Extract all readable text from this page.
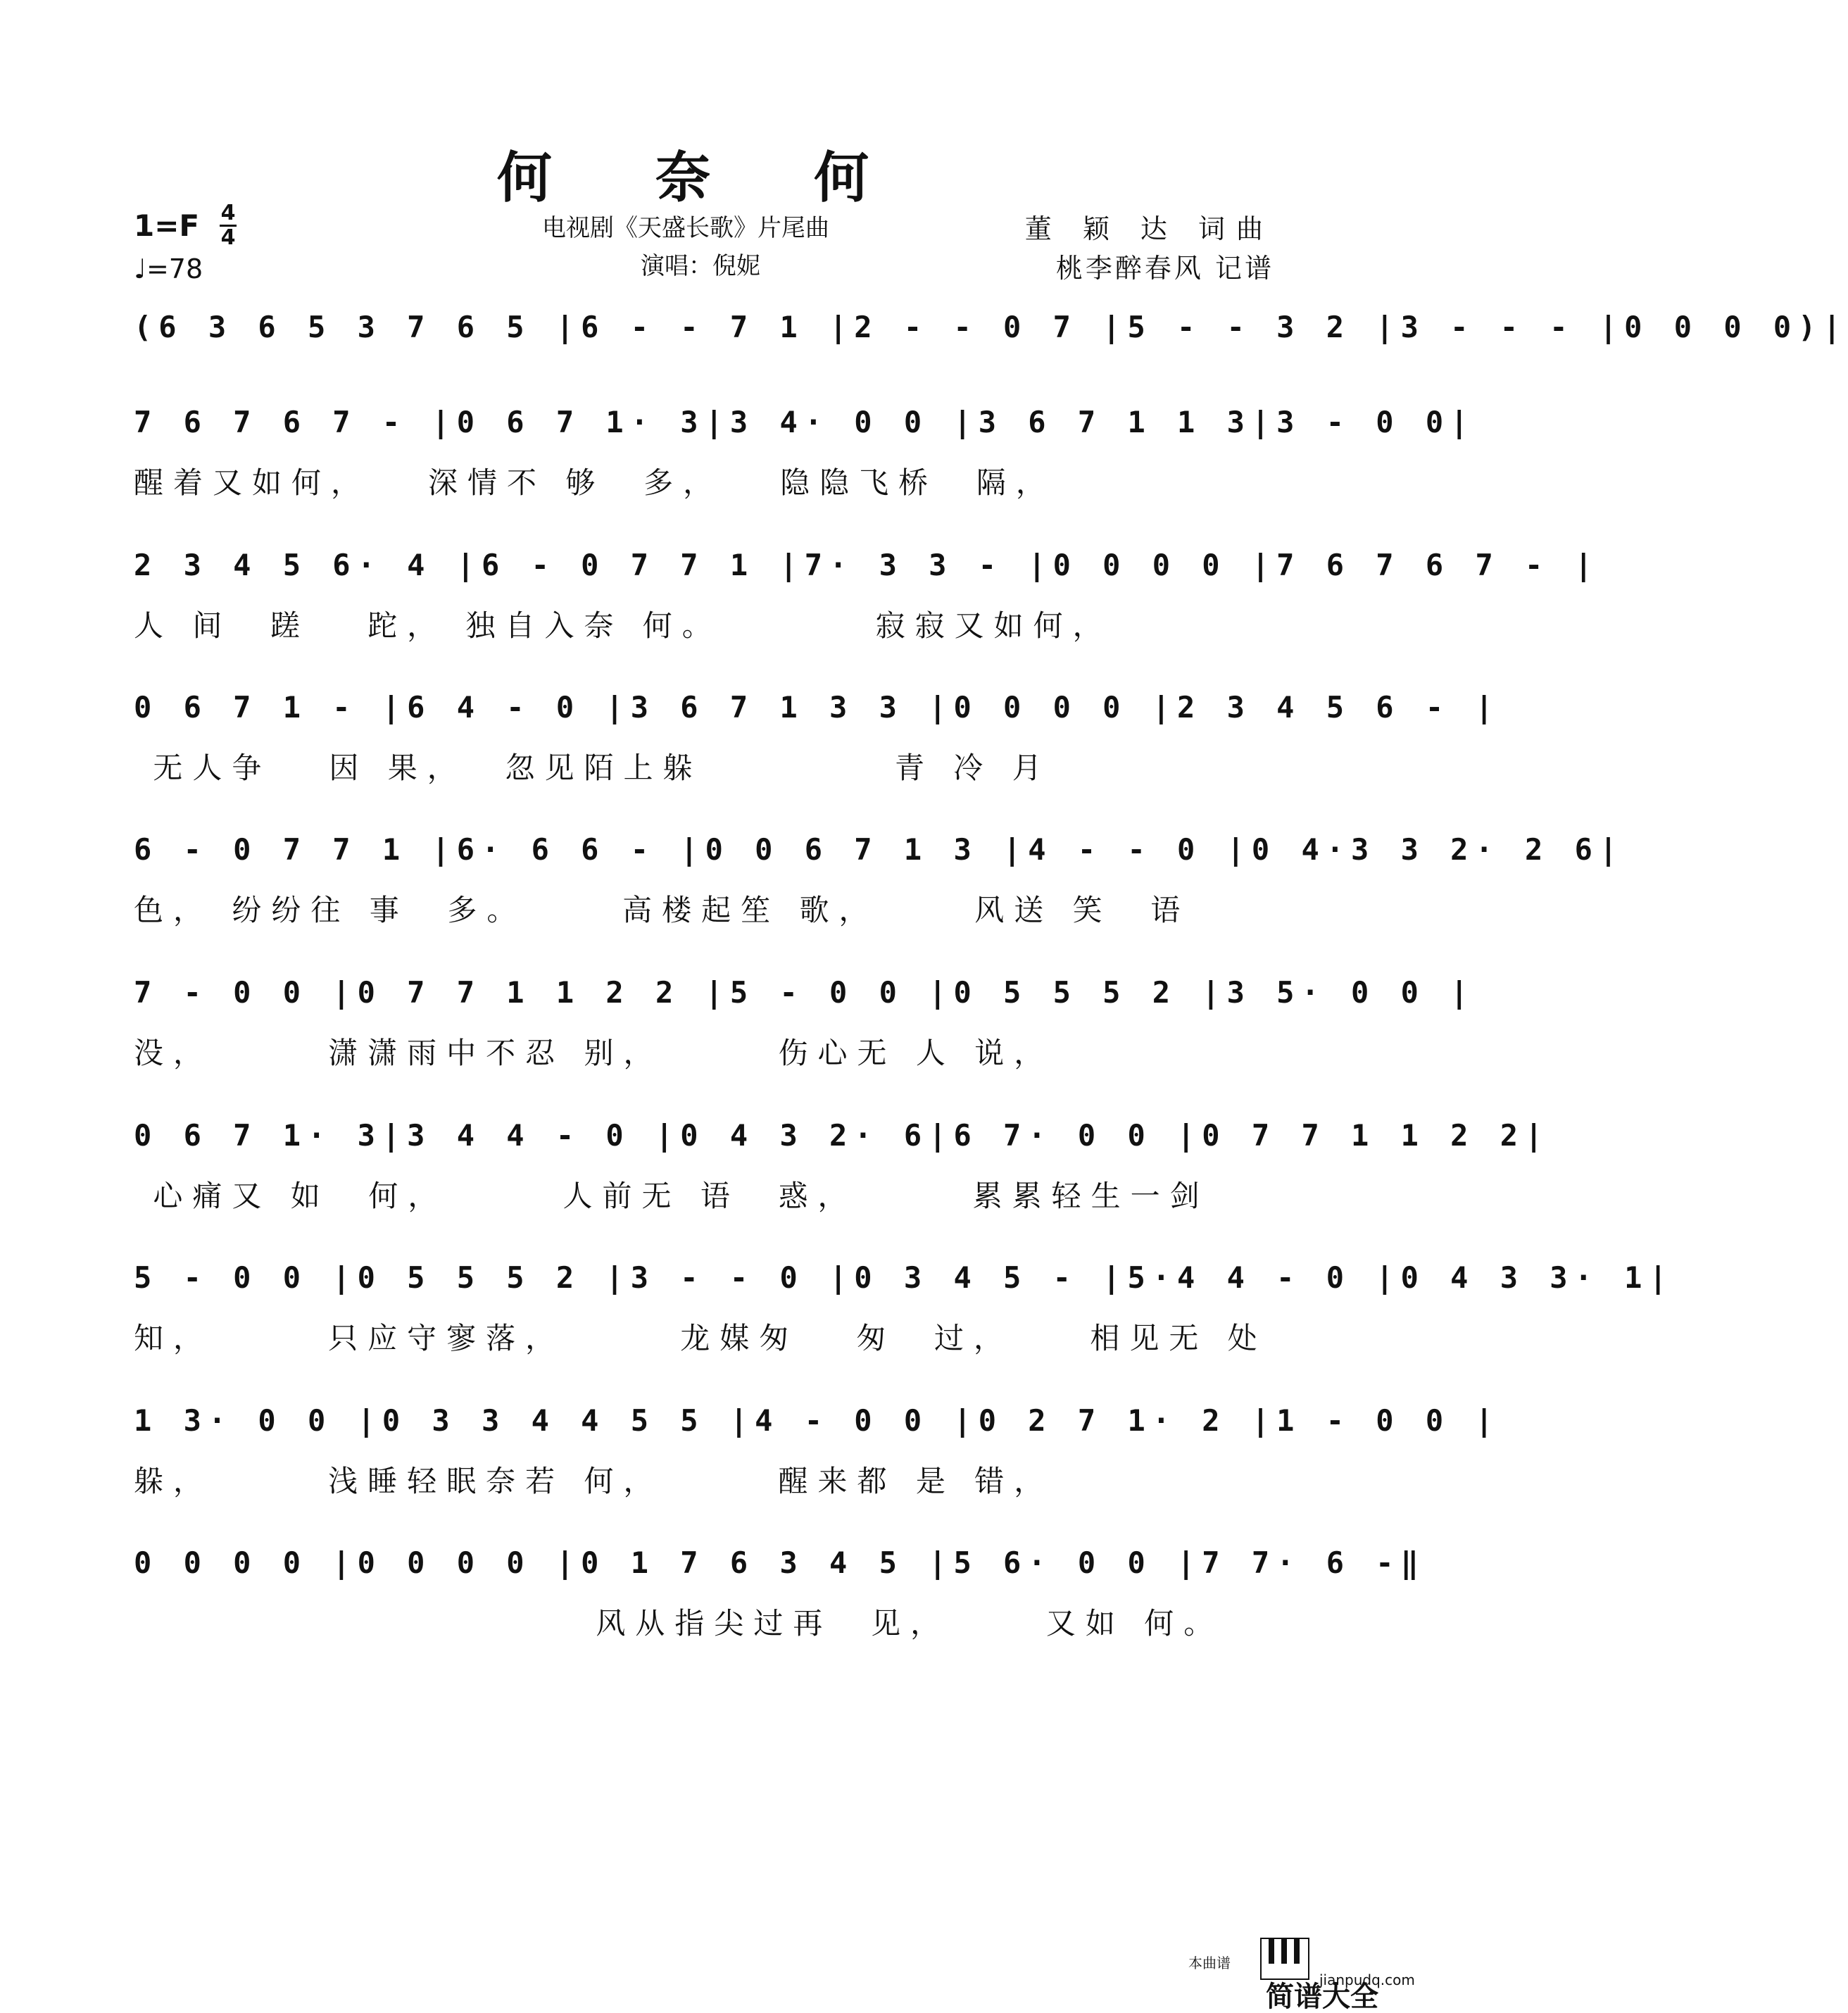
何 奈 何
1=F 4
4
♩=78
电视剧《天盛长歌》片尾曲
演唱：倪妮
董 颖 达 词曲
桃李醉春风 记谱
(6 3 6 5 3 7 6 5 |6 - - 7 1 |2 - - 0 7 |5 - - 3 2 |3 - - - |0 0 0 0)|
7 6 7 6 7 - |0 6 7 1· 3|3 4· 0 0 |3 6 7 1 1 3|3 - 0 0|
醒着又如何，   深情不 够  多，   隐隐飞桥  隔，
2 3 4 5 6· 4 |6 - 0 7 7 1 |7· 3 3 - |0 0 0 0 |7 6 7 6 7 - |
人 间  蹉   跎， 独自入奈 何。        寂寂又如何，
0 6 7 1 - |6 4 - 0 |3 6 7 1 3 3 |0 0 0 0 |2 3 4 5 6 - |
无人争   因 果，  忽见陌上躲          青 冷 月
6 - 0 7 7 1 |6· 6 6 - |0 0 6 7 1 3 |4 - - 0 |0 4·3 3 2· 2 6|
色， 纷纷往 事  多。     高楼起笙 歌，     风送 笑  语
7 - 0 0 |0 7 7 1 1 2 2 |5 - 0 0 |0 5 5 5 2 |3 5· 0 0 |
没，      潇潇雨中不忍 别，      伤心无 人 说，
0 6 7 1· 3|3 4 4 - 0 |0 4 3 2· 6|6 7· 0 0 |0 7 7 1 1 2 2|
心痛又 如  何，      人前无 语  惑，      累累轻生一剑
5 - 0 0 |0 5 5 5 2 |3 - - 0 |0 3 4 5 - |5·4 4 - 0 |0 4 3 3· 1|
知，      只应守寥落，      龙媒匆   匆  过，    相见无 处
1 3· 0 0 |0 3 3 4 4 5 5 |4 - 0 0 |0 2 7 1· 2 |1 - 0 0 |
躲，      浅睡轻眠奈若 何，      醒来都 是 错，
0 0 0 0 |0 0 0 0 |0 1 7 6 3 4 5 |5 6· 0 0 |7 7· 6 -‖
风从指尖过再  见，     又如 何。
本曲谱
简谱大全
jianpudq.com
